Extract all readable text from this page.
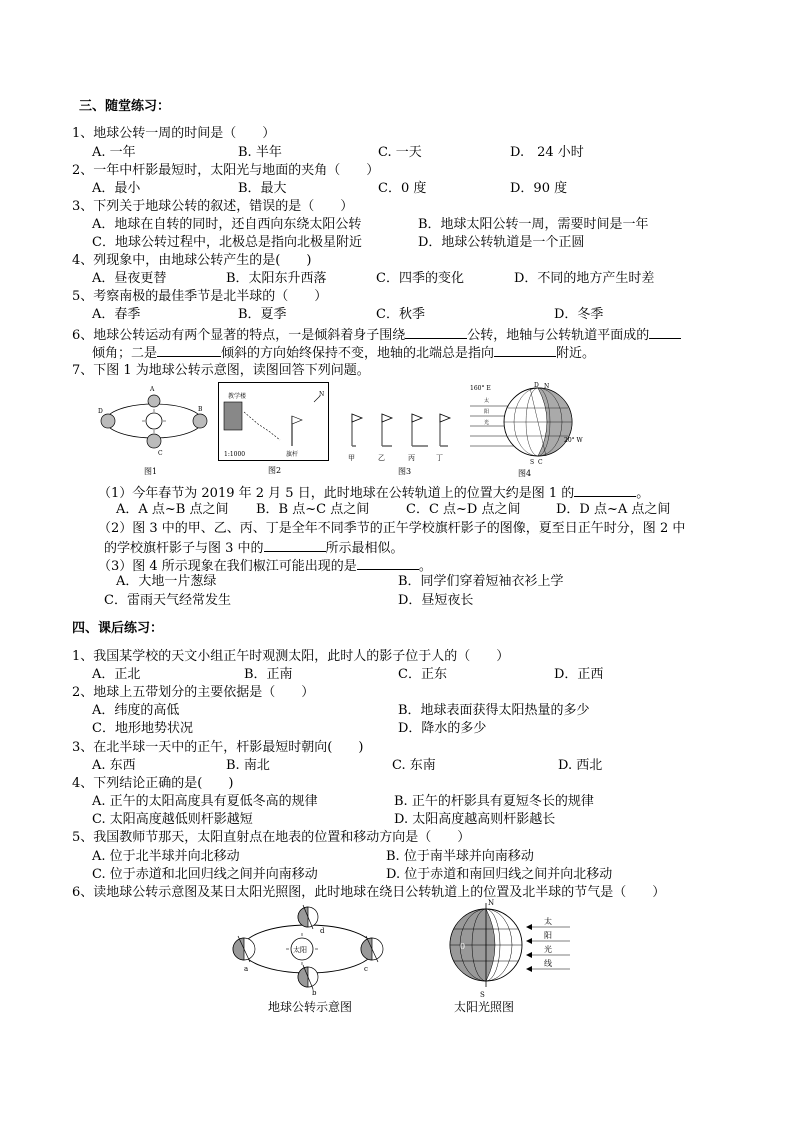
三、随堂练习：
1、地球公转一周的时间是（　　）
A. 一年	B. 半年	C. 一天	D.　24 小时
2、一年中杆影最短时，太阳光与地面的夹角（　　）
A．最小	B．最大	C．0 度	D．90 度
3、下列关于地球公转的叙述，错误的是（　　）
A．地球在自转的同时，还自西向东绕太阳公转	B．地球太阳公转一周，需要时间是一年
C．地球公转过程中，北极总是指向北极星附近	D．地球公转轨道是一个正圆
4、列现象中，由地球公转产生的是(　　)
A．昼夜更替	B．太阳东升西落	C．四季的变化	D．不同的地方产生时差
5、考察南极的最佳季节是北半球的（　　）
A．春季	B．夏季	C．秋季	D．冬季
6、地球公转运动有两个显著的特点，一是倾斜着身子围绕	公转，地轴与公转轨道平面成的
倾角；二是	倾斜的方向始终保持不变，地轴的北端总是指向	附近。
7、下图 1 为地球公转示意图，读图回答下列问题。
A
D	B
C
图1
教学楼
旗杆
N
1:1000
图2
甲	乙	丙	丁
图3
太
阳
光
160° E
20° W
N
D
S C
图4
（1）今年春节为 2019 年 2 月 5 日，此时地球在公转轨道上的位置大约是图 1 的	。
A．A 点~B 点之间 B．B 点~C 点之间	C．C 点~D 点之间	D．D 点~A 点之间
（2）图 3 中的甲、乙、丙、丁是全年不同季节的正午学校旗杆影子的图像，夏至日正午时分，图 2 中
的学校旗杆影子与图 3 中的	所示最相似。
（3）图 4 所示现象在我们椒江可能出现的是	。
A．大地一片葱绿	B．同学们穿着短袖衣衫上学
C．雷雨天气经常发生	D．昼短夜长
四、课后练习：
1、我国某学校的天文小组正午时观测太阳，此时人的影子位于人的（　　）
A．正北	B．正南	C．正东	D．正西
2、地球上五带划分的主要依据是（　　）
A．纬度的高低	B．地球表面获得太阳热量的多少
C．地形地势状况	D．降水的多少
3、在北半球一天中的正午，杆影最短时朝向(　　)
A. 东西	B. 南北	C. 东南	D. 西北
4、下列结论正确的是(　　)
A. 正午的太阳高度具有夏低冬高的规律	B. 正午的杆影具有夏短冬长的规律
C. 太阳高度越低则杆影越短	D. 太阳高度越高则杆影越长
5、我国教师节那天，太阳直射点在地表的位置和移动方向是（　　）
A. 位于北半球并向北移动	B. 位于南半球并向南移动
C. 位于赤道和北回归线之间并向南移动	D. 位于赤道和南回归线之间并向北移动
6、读地球公转示意图及某日太阳光照图，此时地球在绕日公转轨道上的位置及北半球的节气是（　　）
太阳
a
b
c
d
地球公转示意图
N
S
0
太
阳
光
线
太阳光照图
